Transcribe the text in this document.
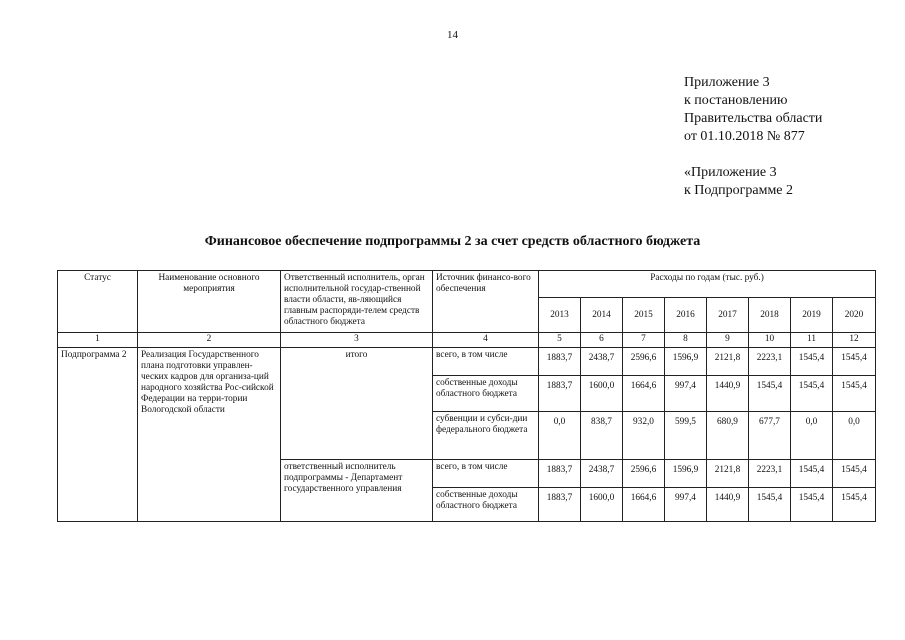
14
Приложение 3
к постановлению
Правительства области
от 01.10.2018 № 877
«Приложение 3
к Подпрограмме 2
Финансовое обеспечение подпрограммы 2 за счет средств областного бюджета
Статус	Наименование основного мероприятия	Ответственный исполнитель, орган исполнительной государ-ственной власти области, яв-ляющийся главным распоряди-телем средств областного бюджета	Источник финансо-вого обеспечения	Расходы по годам (тыс. руб.)							
				2013	2014	2015	2016	2017	2018	2019	2020
1	2	3	4	5	6	7	8	9	10	11	12
Подпрограмма 2	Реализация Государственного плана подготовки управлен-ческих кадров для организа-ций народного хозяйства Рос-сийской Федерации на терри-тории Вологодской области	итого	всего, в том числе	1883,7	2438,7	2596,6	1596,9	2121,8	2223,1	1545,4	1545,4
			собственные доходы областного бюджета	1883,7	1600,0	1664,6	997,4	1440,9	1545,4	1545,4	1545,4
			субвенции и субси-дии федерального бюджета	0,0	838,7	932,0	599,5	680,9	677,7	0,0	0,0
		ответственный исполнитель подпрограммы - Департамент государственного управления	всего, в том числе	1883,7	2438,7	2596,6	1596,9	2121,8	2223,1	1545,4	1545,4
			собственные доходы областного бюджета	1883,7	1600,0	1664,6	997,4	1440,9	1545,4	1545,4	1545,4
